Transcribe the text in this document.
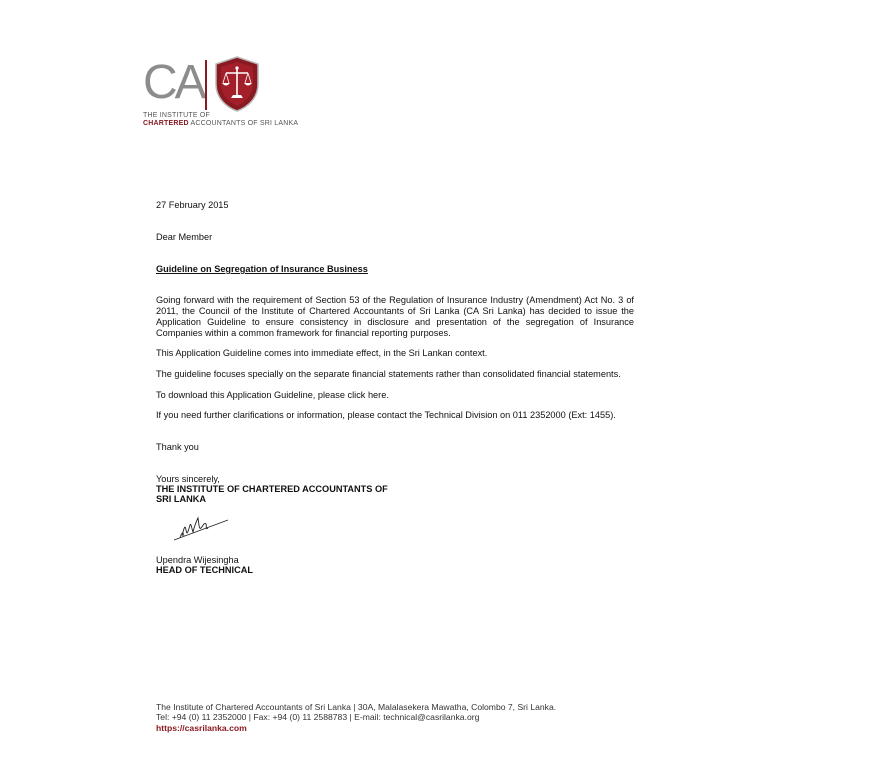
CA
THE INSTITUTE OF
CHARTERED ACCOUNTANTS OF SRI LANKA
27 February 2015
Dear Member
Guideline on Segregation of Insurance Business
Going forward with the requirement of Section 53 of the Regulation of Insurance Industry (Amendment) Act No. 3 of 2011, the Council of the Institute of Chartered Accountants of Sri Lanka (CA Sri Lanka) has decided to issue the Application Guideline to ensure consistency in disclosure and presentation of the segregation of Insurance Companies within a common framework for financial reporting purposes.
This Application Guideline comes into immediate effect, in the Sri Lankan context.
The guideline focuses specially on the separate financial statements rather than consolidated financial statements.
To download this Application Guideline, please click here.
If you need further clarifications or information, please contact the Technical Division on 011 2352000 (Ext: 1455).
Thank you
Yours sincerely,
THE INSTITUTE OF CHARTERED ACCOUNTANTS OF
SRI LANKA
Upendra Wijesingha
HEAD OF TECHNICAL
The Institute of Chartered Accountants of Sri Lanka | 30A, Malalasekera Mawatha, Colombo 7, Sri Lanka.
Tel: +94 (0) 11 2352000 | Fax: +94 (0) 11 2588783 | E-mail: technical@casrilanka.org
https://casrilanka.com
